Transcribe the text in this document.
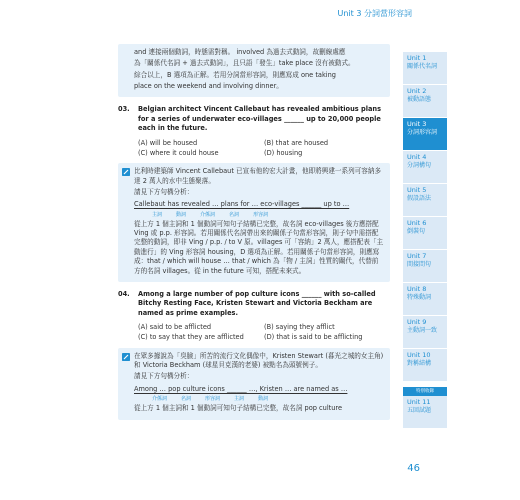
Unit 3 分詞當形容詞

and 連接兩個動詞，時態需對稱。 involved 為過去式動詞，故刪線處應

為「關係代名詞 + 過去式動詞」，且只語「發生」take place 沒有被動式。

綜合以上，B 選項為正解。若用分詞當形容詞，則應寫成 one taking

place on the weekend and involving dinner。

03.	Belgian architect Vincent Callebaut has revealed ambitious plans for a series of underwater eco-villages ______ up to 20,000 people each in the future.
(A) will be housed	(B) that are housed
(C) where it could house	(D) housing

比利時建築師 Vincent Callebaut 已宣布他的宏大計畫，他即將興建一系列可容納多達 2 萬人的水中生態聚落。

請見下方句構分析：

Callebaut has revealed … plans for … eco-villages ______ up to …

主詞	動詞	介係詞	名詞	形容詞

從上方 1 個主詞和 1 個動詞可知句子結構已完整，故名詞 eco-villages 後方應搭配 Ving 或 p.p. 形容詞。若用關係代名詞帶出來的關係子句當形容詞，則子句中需搭配完整的動詞，即非 Ving / p.p. / to V 原。villages 可「容納」2 萬人，應搭配表「主動進行」的 Ving 形容詞 housing，D 選項為正解。若用關係子句當形容詞，則應寫成：that / which will house … that / which 為「物 / 主詞」性質的關代，代替前方的名詞 villages。從 in the future 可知，搭配未來式。

04.	Among a large number of pop culture icons ______ with so-called Bitchy Resting Face, Kristen Stewart and Victoria Beckham are named as prime examples.
(A) said to be afflicted	(B) saying they afflict
(C) to say that they are afflicted	(D) that is said to be afflicting

在眾多據說為「臭臉」所苦的流行文化偶像中，Kristen Stewart (暮光之城的女主角) 和 Victoria Beckham (球星貝克漢的老婆) 被點名為頭號例子。

請見下方句構分析：

Among … pop culture icons ______ …, Kristen … are named as …

介係詞	名詞	形容詞	主詞	動詞

從上方 1 個主詞和 1 個動詞可知句子結構已完整，故名詞 pop culture

Unit 1
關係代名詞
Unit 2
被動語態
Unit 3
分詞形容詞
Unit 4
分詞構句
Unit 5
假設語法
Unit 6
倒裝句
Unit 7
間接問句
Unit 8
特殊動詞
Unit 9
主動詞一致
Unit 10
對稱結構
特別收錄
Unit 11
五回試題
46
